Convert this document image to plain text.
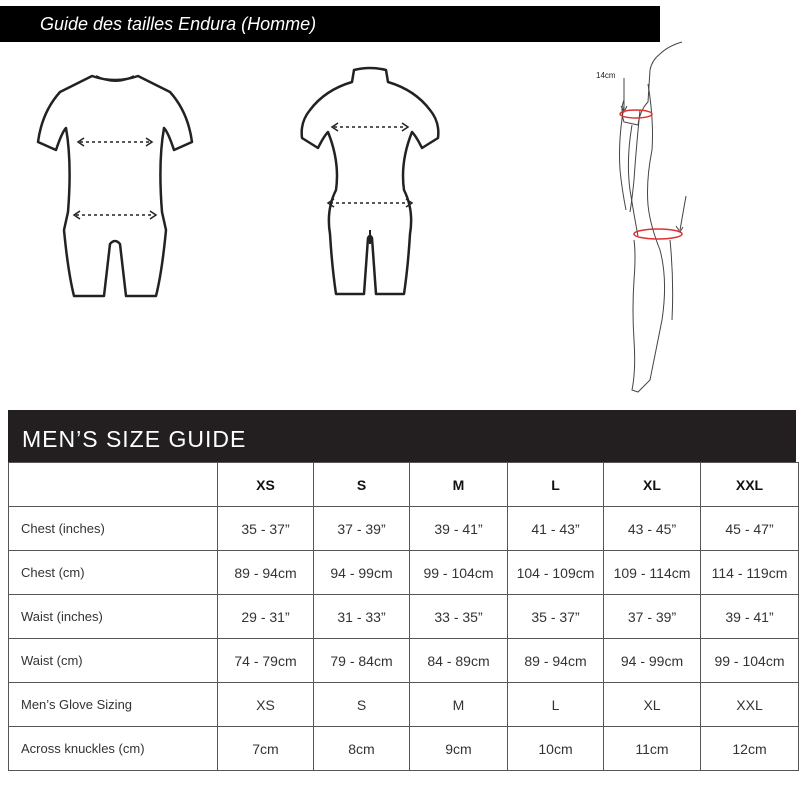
Guide des tailles Endura (Homme)
14cm
MEN’S SIZE GUIDE
	XS	S	M	L	XL	XXL
Chest (inches)	35 - 37”	37 - 39”	39 - 41”	41 - 43”	43 - 45”	45 - 47”
Chest (cm)	89 - 94cm	94 - 99cm	99 - 104cm	104 - 109cm	109 - 114cm	114 - 119cm
Waist (inches)	29 - 31”	31 - 33”	33 - 35”	35 - 37”	37 - 39”	39 - 41”
Waist (cm)	74 - 79cm	79 - 84cm	84 - 89cm	89 - 94cm	94 - 99cm	99 - 104cm
Men’s Glove Sizing	XS	S	M	L	XL	XXL
Across knuckles (cm)	7cm	8cm	9cm	10cm	11cm	12cm
